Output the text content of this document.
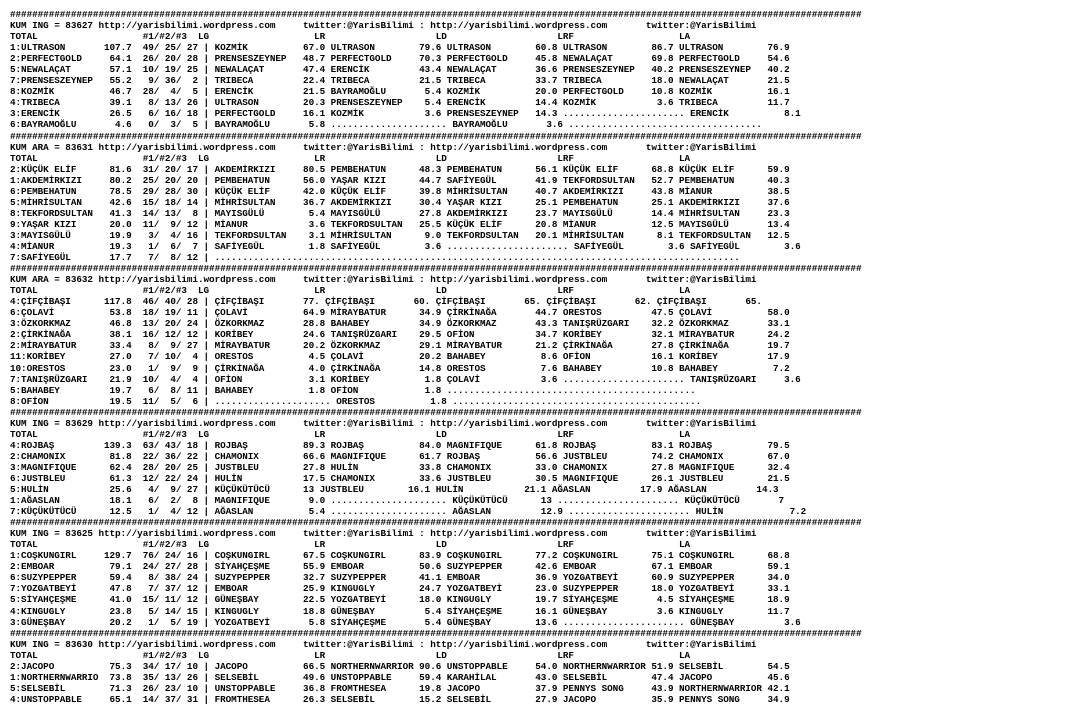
##########################################################################################################################################################
KUM ING = 83627 http://yarisbilimi.wordpress.com     twitter:@YarisBilimi : http://yarisbilimi.wordpress.com       twitter:@YarisBilimi
TOTAL                   #1/#2/#3  LG                   LR                    LD                    LRF                   LA
1:ULTRASON       107.7  49/ 25/ 27 | KOZMİK          67.0 ULTRASON        79.6 ULTRASON        60.8 ULTRASON        86.7 ULTRASON        76.9
2:PERFECTGOLD     64.1  26/ 20/ 28 | PRENSESZEYNEP   48.7 PERFECTGOLD     70.3 PERFECTGOLD     45.8 NEWALAÇAT       69.8 PERFECTGOLD     54.6
5:NEWALAÇAT       57.1  10/ 19/ 25 | NEWALAÇAT       47.4 ERENCİK         43.4 NEWALAÇAT       36.6 PRENSESZEYNEP   40.2 PRENSESZEYNEP   40.2
7:PRENSESZEYNEP   55.2   9/ 36/  2 | TRIBECA         22.4 TRIBECA         21.5 TRIBECA         33.7 TRIBECA         18.0 NEWALAÇAT       21.5
8:KOZMİK          46.7  28/  4/  5 | ERENCİK         21.5 BAYRAMOĞLU       5.4 KOZMİK          20.0 PERFECTGOLD     10.8 KOZMİK          16.1
4:TRIBECA         39.1   8/ 13/ 26 | ULTRASON        20.3 PRENSESZEYNEP    5.4 ERENCİK         14.4 KOZMİK           3.6 TRIBECA         11.7
3:ERENCİK         26.5   6/ 16/ 18 | PERFECTGOLD     16.1 KOZMİK           3.6 PRENSESZEYNEP   14.3 ...................... ERENCİK          8.1
6:BAYRAMOĞLU       4.6   0/  3/  5 | BAYRAMOĞLU       5.8 ..................... BAYRAMOĞLU       3.6 ...................................
##########################################################################################################################################################
KUM ARA = 83631 http://yarisbilimi.wordpress.com     twitter:@YarisBilimi : http://yarisbilimi.wordpress.com       twitter:@YarisBilimi
TOTAL                   #1/#2/#3  LG                   LR                    LD                    LRF                   LA
2:KÜÇÜK ELİF      81.6  31/ 20/ 17 | AKDEMİRKIZI     80.5 PEMBEHATUN      48.3 PEMBEHATUN      56.1 KÜÇÜK ELİF      68.8 KÜÇÜK ELİF      59.9
1:AKDEMİRKIZI     80.2  25/ 20/ 20 | PEMBEHATUN      56.0 YAŞAR KIZI      44.7 SAFİYEGÜL       41.9 TEKFORDSULTAN   52.7 PEMBEHATUN      40.3
6:PEMBEHATUN      78.5  29/ 28/ 30 | KÜÇÜK ELİF      42.0 KÜÇÜK ELİF      39.8 MİHRİSULTAN     40.7 AKDEMİRKIZI     43.8 MİANUR          38.5
5:MİHRİSULTAN     42.6  15/ 18/ 14 | MİHRİSULTAN     36.7 AKDEMİRKIZI     30.4 YAŞAR KIZI      25.1 PEMBEHATUN      25.1 AKDEMİRKIZI     37.6
8:TEKFORDSULTAN   41.3  14/ 13/  8 | MAYISGÜLÜ        5.4 MAYISGÜLÜ       27.8 AKDEMİRKIZI     23.7 MAYISGÜLÜ       14.4 MİHRİSULTAN     23.3
9:YAŞAR KIZI      20.0  11/  9/ 12 | MİANUR           3.6 TEKFORDSULTAN   25.5 KÜÇÜK ELİF      20.8 MİANUR          12.5 MAYISGÜLÜ       13.4
3:MAYISGÜLÜ       19.9   3/  4/ 16 | TEKFORDSULTAN    3.1 MİHRİSULTAN      9.0 TEKFORDSULTAN   20.1 MİHRİSULTAN      8.1 TEKFORDSULTAN   12.5
4:MİANUR          19.3   1/  6/  7 | SAFİYEGÜL        1.8 SAFİYEGÜL        3.6 ...................... SAFİYEGÜL        3.6 SAFİYEGÜL        3.6
7:SAFİYEGÜL       17.7   7/  8/ 12 | ...............................................................................................
##########################################################################################################################################################
KUM ARA = 83632 http://yarisbilimi.wordpress.com     twitter:@YarisBilimi : http://yarisbilimi.wordpress.com       twitter:@YarisBilimi
TOTAL                   #1/#2/#3  LG                   LR                    LD                    LRF                   LA
4:ÇİFÇİBAŞI      117.8  46/ 40/ 28 | ÇİFÇİBAŞI       77. ÇİFÇİBAŞI       60. ÇİFÇİBAŞI       65. ÇİFÇİBAŞI       62. ÇİFÇİBAŞI       65.
6:ÇOLAVİ          53.8  18/ 19/ 11 | ÇOLAVİ          64.9 MİRAYBATUR      34.9 ÇİRKİNAĞA       44.7 ORESTOS         47.5 ÇOLAVİ          58.0
3:ÖZKORKMAZ       46.8  13/ 20/ 24 | ÖZKORKMAZ       28.8 BAHABEY         34.9 ÖZKORKMAZ       43.3 TANIŞRÜZGARI    32.2 ÖZKORKMAZ       33.1
2:ÇİRKİNAĞA       38.1  16/ 12/ 12 | KORİBEY         24.6 TANIŞRÜZGARI    29.5 OFİON           34.7 KORİBEY         32.1 MİRAYBATUR      24.2
2:MİRAYBATUR      33.4   8/  9/ 27 | MİRAYBATUR      20.2 ÖZKORKMAZ       29.1 MİRAYBATUR      21.2 ÇİRKİNAĞA       27.8 ÇİRKİNAĞA       19.7
11:KORİBEY        27.0   7/ 10/  4 | ORESTOS          4.5 ÇOLAVİ          20.2 BAHABEY          8.6 OFİON           16.1 KORİBEY         17.9
10:ORESTOS        23.0   1/  9/  9 | ÇİRKİNAĞA        4.0 ÇİRKİNAĞA       14.8 ORESTOS          7.6 BAHABEY         10.8 BAHABEY          7.2
7:TANIŞRÜZGARI    21.9  10/  4/  4 | OFİON            3.1 KORİBEY          1.8 ÇOLAVİ           3.6 ...................... TANIŞRÜZGARI     3.6
5:BAHABEY         19.7   6/  8/ 11 | BAHABEY          1.8 OFİON            1.8 .............................................
8:OFİON           19.5  11/  5/  6 | ..................... ORESTOS          1.8 .............................................
##########################################################################################################################################################
KUM ING = 83629 http://yarisbilimi.wordpress.com     twitter:@YarisBilimi : http://yarisbilimi.wordpress.com       twitter:@YarisBilimi
TOTAL                   #1/#2/#3  LG                   LR                    LD                    LRF                   LA
4:ROJBAŞ         139.3  63/ 43/ 18 | ROJBAŞ          89.3 ROJBAŞ          84.0 MAGNIFIQUE      61.8 ROJBAŞ          83.1 ROJBAŞ          79.5
2:CHAMONIX        81.8  22/ 36/ 22 | CHAMONIX        66.6 MAGNIFIQUE      61.7 ROJBAŞ          56.6 JUSTBLEU        74.2 CHAMONIX        67.0
3:MAGNIFIQUE      62.4  28/ 20/ 25 | JUSTBLEU        27.8 HULİN           33.8 CHAMONIX        33.0 CHAMONIX        27.8 MAGNIFIQUE      32.4
6:JUSTBLEU        61.3  12/ 22/ 24 | HULİN           17.5 CHAMONIX        33.6 JUSTBLEU        30.5 MAGNIFIQUE      26.1 JUSTBLEU        21.5
5:HULİN           25.6   4/  9/ 27 | KÜÇÜKÜTÜCÜ      13 JUSTBLEU        16.1 HULİN           21.1 AĞASLAN         17.9 AĞASLAN         14.3
1:AĞASLAN         18.1   6/  2/  8 | MAGNIFIQUE       9.0 ..................... KÜÇÜKÜTÜCÜ      13 ...................... KÜÇÜKÜTÜCÜ       7
7:KÜÇÜKÜTÜCÜ      12.5   1/  4/ 12 | AĞASLAN          5.4 ..................... AĞASLAN         12.9 ...................... HULİN            7.2
##########################################################################################################################################################
KUM ING = 83625 http://yarisbilimi.wordpress.com     twitter:@YarisBilimi : http://yarisbilimi.wordpress.com       twitter:@YarisBilimi
TOTAL                   #1/#2/#3  LG                   LR                    LD                    LRF                   LA
1:COŞKUNGIRL     129.7  76/ 24/ 16 | COŞKUNGIRL      67.5 COŞKUNGIRL      83.9 COŞKUNGIRL      77.2 COŞKUNGIRL      75.1 COŞKUNGIRL      68.8
2:EMBOAR          79.1  24/ 27/ 28 | SİYAHÇEŞME      55.9 EMBOAR          50.6 SUZYPEPPER      42.6 EMBOAR          67.1 EMBOAR          59.1
6:SUZYPEPPER      59.4   8/ 38/ 24 | SUZYPEPPER      32.7 SUZYPEPPER      41.1 EMBOAR          36.9 YOZGATBEYİ      60.9 SUZYPEPPER      34.0
7:YOZGATBEYİ      47.8   7/ 37/ 12 | EMBOAR          25.9 KINGUGLY        24.7 YOZGATBEYİ      23.0 SUZYPEPPER      18.0 YOZGATBEYİ      33.1
5:SİYAHÇEŞME      41.0  15/ 11/ 12 | GÜNEŞBAY        22.5 YOZGATBEYİ      18.0 KINGUGLY        19.7 SİYAHÇEŞME       4.5 SİYAHÇEŞME      18.9
4:KINGUGLY        23.8   5/ 14/ 15 | KINGUGLY        18.8 GÜNEŞBAY         5.4 SİYAHÇEŞME      16.1 GÜNEŞBAY         3.6 KINGUGLY        11.7
3:GÜNEŞBAY        20.2   1/  5/ 19 | YOZGATBEYİ       5.8 SİYAHÇEŞME       5.4 GÜNEŞBAY        13.6 ...................... GÜNEŞBAY         3.6
##########################################################################################################################################################
KUM ING = 83630 http://yarisbilimi.wordpress.com     twitter:@YarisBilimi : http://yarisbilimi.wordpress.com       twitter:@YarisBilimi
TOTAL                   #1/#2/#3  LG                   LR                    LD                    LRF                   LA
2:JACOPO          75.3  34/ 17/ 10 | JACOPO          66.5 NORTHERNWARRIOR 90.6 UNSTOPPABLE     54.0 NORTHERNWARRIOR 51.9 SELSEBİL        54.5
1:NORTHERNWARRIO  73.8  35/ 13/ 26 | SELSEBİL        49.6 UNSTOPPABLE     59.4 KARAHİLAL       43.0 SELSEBİL        47.4 JACOPO          45.6
5:SELSEBİL        71.3  26/ 23/ 10 | UNSTOPPABLE     36.8 FROMTHESEA      19.8 JACOPO          37.9 PENNYS SONG     43.9 NORTHERNWARRIOR 42.1
4:UNSTOPPABLE     65.1  14/ 37/ 31 | FROMTHESEA      26.3 SELSEBİL        15.2 SELSEBİL        27.9 JACOPO          35.9 PENNYS SONG     34.9
